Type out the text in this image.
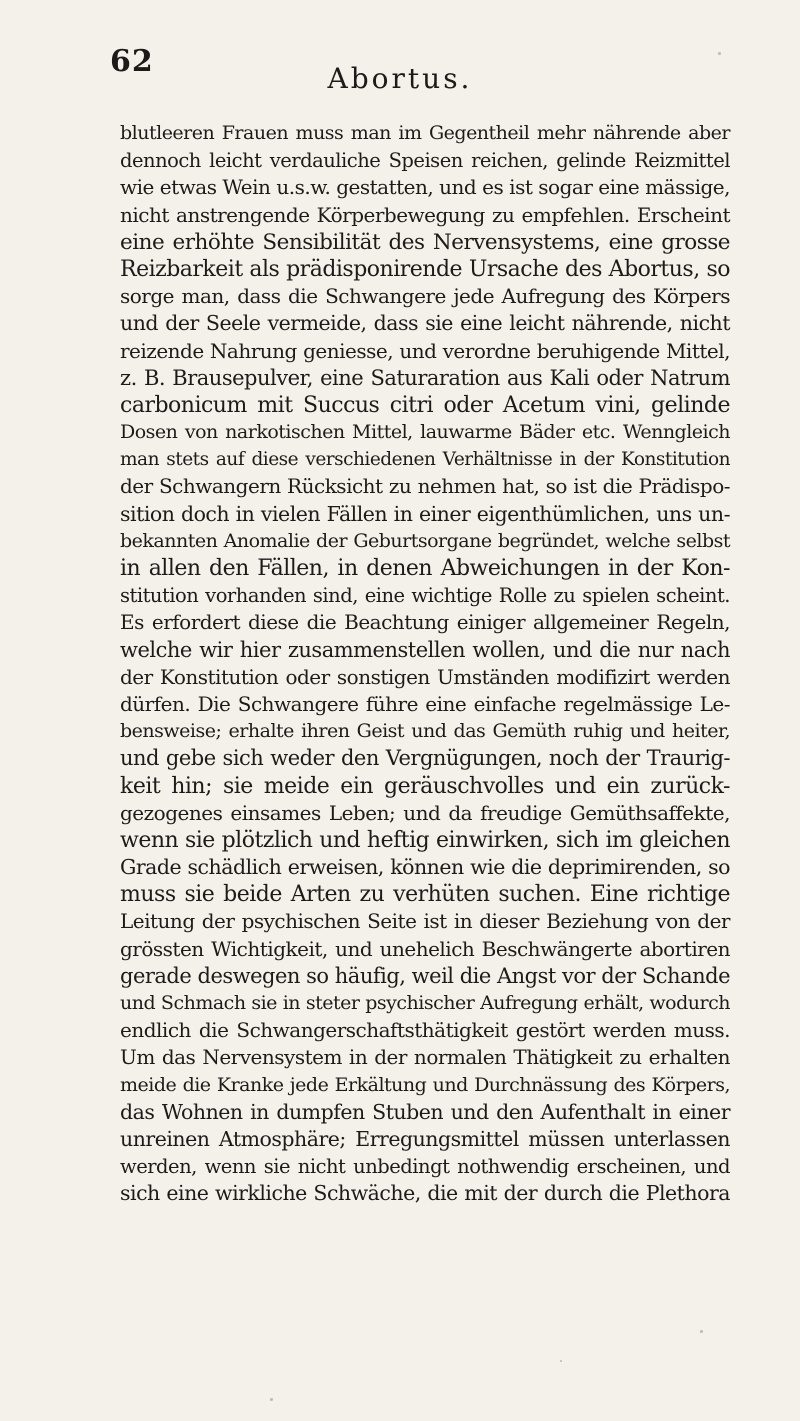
62	Abortus.
blutleeren Frauen muss man im Gegentheil mehr nährende aber
dennoch leicht verdauliche Speisen reichen, gelinde Reizmittel
wie etwas Wein u.s.w. gestatten, und es ist sogar eine mässige,
nicht anstrengende Körperbewegung zu empfehlen. Erscheint
eine erhöhte Sensibilität des Nervensystems, eine grosse
Reizbarkeit als prädisponirende Ursache des Abortus, so
sorge man, dass die Schwangere jede Aufregung des Körpers
und der Seele vermeide, dass sie eine leicht nährende, nicht
reizende Nahrung geniesse, und verordne beruhigende Mittel,
z. B. Brausepulver, eine Saturaration aus Kali oder Natrum
carbonicum mit Succus citri oder Acetum vini, gelinde
Dosen von narkotischen Mittel, lauwarme Bäder etc. Wenngleich
man stets auf diese verschiedenen Verhältnisse in der Konstitution
der Schwangern Rücksicht zu nehmen hat, so ist die Prädispo-
sition doch in vielen Fällen in einer eigenthümlichen, uns un-
bekannten Anomalie der Geburtsorgane begründet, welche selbst
in allen den Fällen, in denen Abweichungen in der Kon-
stitution vorhanden sind, eine wichtige Rolle zu spielen scheint.
Es erfordert diese die Beachtung einiger allgemeiner Regeln,
welche wir hier zusammenstellen wollen, und die nur nach
der Konstitution oder sonstigen Umständen modifizirt werden
dürfen. Die Schwangere führe eine einfache regelmässige Le-
bensweise; erhalte ihren Geist und das Gemüth ruhig und heiter,
und gebe sich weder den Vergnügungen, noch der Traurig-
keit hin; sie meide ein geräuschvolles und ein zurück-
gezogenes einsames Leben; und da freudige Gemüthsaffekte,
wenn sie plötzlich und heftig einwirken, sich im gleichen
Grade schädlich erweisen, können wie die deprimirenden, so
muss sie beide Arten zu verhüten suchen. Eine richtige
Leitung der psychischen Seite ist in dieser Beziehung von der
grössten Wichtigkeit, und unehelich Beschwängerte abortiren
gerade deswegen so häufig, weil die Angst vor der Schande
und Schmach sie in steter psychischer Aufregung erhält, wodurch
endlich die Schwangerschaftsthätigkeit gestört werden muss.
Um das Nervensystem in der normalen Thätigkeit zu erhalten
meide die Kranke jede Erkältung und Durchnässung des Körpers,
das Wohnen in dumpfen Stuben und den Aufenthalt in einer
unreinen Atmosphäre; Erregungsmittel müssen unterlassen
werden, wenn sie nicht unbedingt nothwendig erscheinen, und
sich eine wirkliche Schwäche, die mit der durch die Plethora
